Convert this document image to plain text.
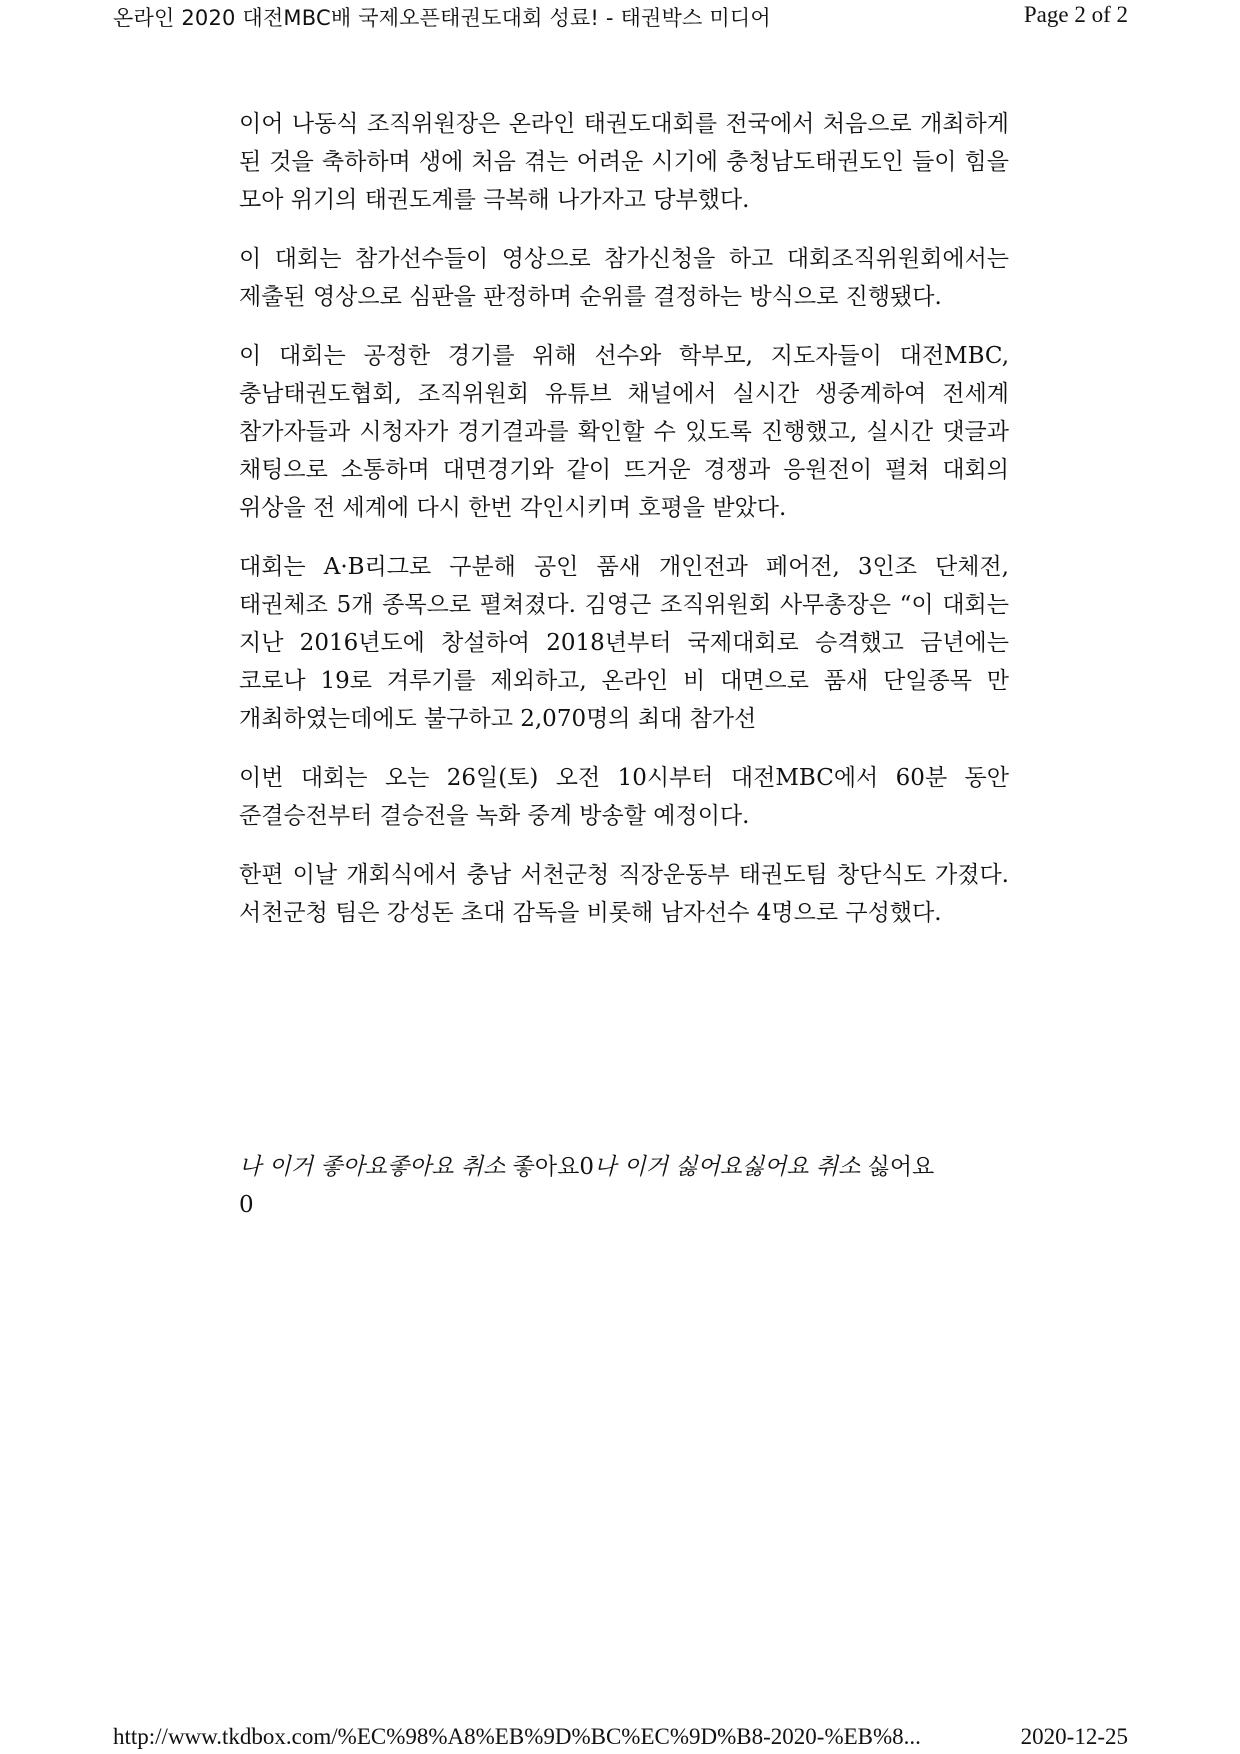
온라인 2020 대전MBC배 국제오픈태권도대회 성료! - 태권박스 미디어	Page 2 of 2

이어 나동식 조직위원장은 온라인 태권도대회를 전국에서 처음으로 개최하게 된 것을 축하하며 생에 처음 겪는 어려운 시기에 충청남도태권도인 들이 힘을 모아 위기의 태권도계를 극복해 나가자고 당부했다.

이 대회는 참가선수들이 영상으로 참가신청을 하고 대회조직위원회에서는 제출된 영상으로 심판을 판정하며 순위를 결정하는 방식으로 진행됐다.

이 대회는 공정한 경기를 위해 선수와 학부모, 지도자들이 대전MBC, 충남태권도협회, 조직위원회 유튜브 채널에서 실시간 생중계하여 전세계 참가자들과 시청자가 경기결과를 확인할 수 있도록 진행했고, 실시간 댓글과 채팅으로 소통하며 대면경기와 같이 뜨거운 경쟁과 응원전이 펼쳐 대회의 위상을 전 세계에 다시 한번 각인시키며 호평을 받았다.

대회는 A·B리그로 구분해 공인 품새 개인전과 페어전, 3인조 단체전, 태권체조 5개 종목으로 펼쳐졌다. 김영근 조직위원회 사무총장은 “이 대회는 지난 2016년도에 창설하여 2018년부터 국제대회로 승격했고 금년에는 코로나 19로 겨루기를 제외하고, 온라인 비 대면으로 품새 단일종목 만 개최하였는데에도 불구하고 2,070명의 최대 참가선

이번 대회는 오는 26일(토) 오전 10시부터 대전MBC에서 60분 동안 준결승전부터 결승전을 녹화 중계 방송할 예정이다.

한편 이날 개회식에서 충남 서천군청 직장운동부 태권도팀 창단식도 가졌다. 서천군청 팀은 강성돈 초대 감독을 비롯해 남자선수 4명으로 구성했다.

나 이거 좋아요좋아요 취소 좋아요0나 이거 싫어요싫어요 취소 싫어요
0
http://www.tkdbox.com/%EC%98%A8%EB%9D%BC%EC%9D%B8-2020-%EB%8...	2020-12-25
